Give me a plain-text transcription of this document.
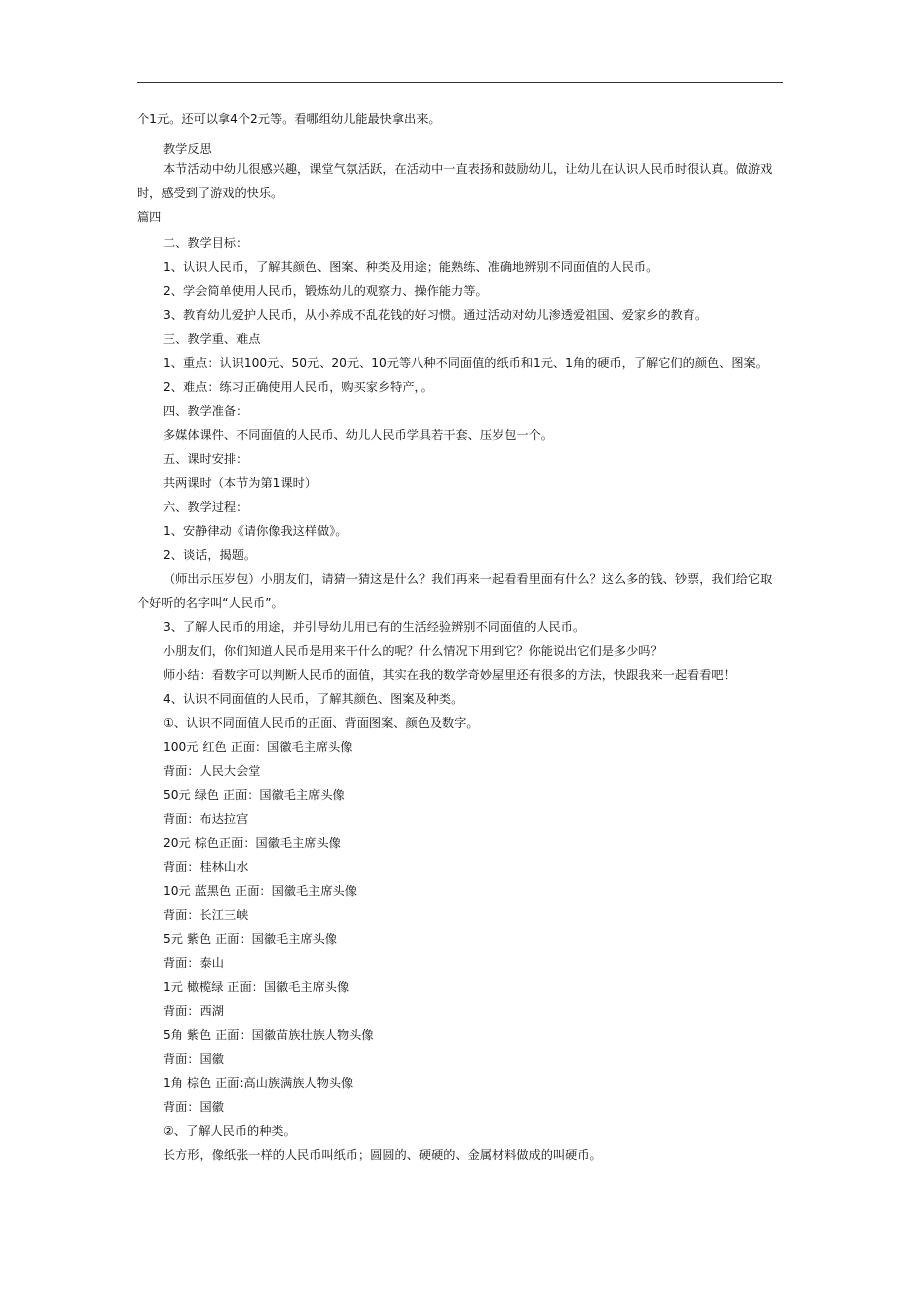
个1元。还可以拿4个2元等。看哪组幼儿能最快拿出来。
教学反思
本节活动中幼儿很感兴趣，课堂气氛活跃，在活动中一直表扬和鼓励幼儿，让幼儿在认识人民币时很认真。做游戏
时，感受到了游戏的快乐。
篇四
二、教学目标：
1、认识人民币，了解其颜色、图案、种类及用途；能熟练、准确地辨别不同面值的人民币。
2、学会简单使用人民币，锻炼幼儿的观察力、操作能力等。
3、教育幼儿爱护人民币，从小养成不乱花钱的好习惯。通过活动对幼儿渗透爱祖国、爱家乡的教育。
三、教学重、难点
1、重点：认识100元、50元、20元、10元等八种不同面值的纸币和1元、1角的硬币，了解它们的颜色、图案。
2、难点：练习正确使用人民币，购买家乡特产，。
四、教学准备：
多媒体课件、不同面值的人民币、幼儿人民币学具若干套、压岁包一个。
五、课时安排：
共两课时（本节为第1课时）
六、教学过程：
1、安静律动《请你像我这样做》。
2、谈话，揭题。
（师出示压岁包）小朋友们，请猜一猜这是什么？我们再来一起看看里面有什么？这么多的钱、钞票，我们给它取
个好听的名字叫“人民币”。
3、了解人民币的用途，并引导幼儿用已有的生活经验辨别不同面值的人民币。
小朋友们，你们知道人民币是用来干什么的呢？什么情况下用到它？你能说出它们是多少吗？
师小结：看数字可以判断人民币的面值，其实在我的数学奇妙屋里还有很多的方法，快跟我来一起看看吧！
4、认识不同面值的人民币，了解其颜色、图案及种类。
①、认识不同面值人民币的正面、背面图案、颜色及数字。
100元 红色 正面：国徽毛主席头像
背面：人民大会堂
50元 绿色 正面：国徽毛主席头像
背面：布达拉宫
20元 棕色正面：国徽毛主席头像
背面：桂林山水
10元 蓝黑色 正面：国徽毛主席头像
背面：长江三峡
5元 紫色 正面：国徽毛主席头像
背面：泰山
1元 橄榄绿 正面：国徽毛主席头像
背面：西湖
5角 紫色 正面：国徽苗族壮族人物头像
背面：国徽
1角 棕色 正面:高山族满族人物头像
背面：国徽
②、了解人民币的种类。
长方形，像纸张一样的人民币叫纸币；圆圆的、硬硬的、金属材料做成的叫硬币。
